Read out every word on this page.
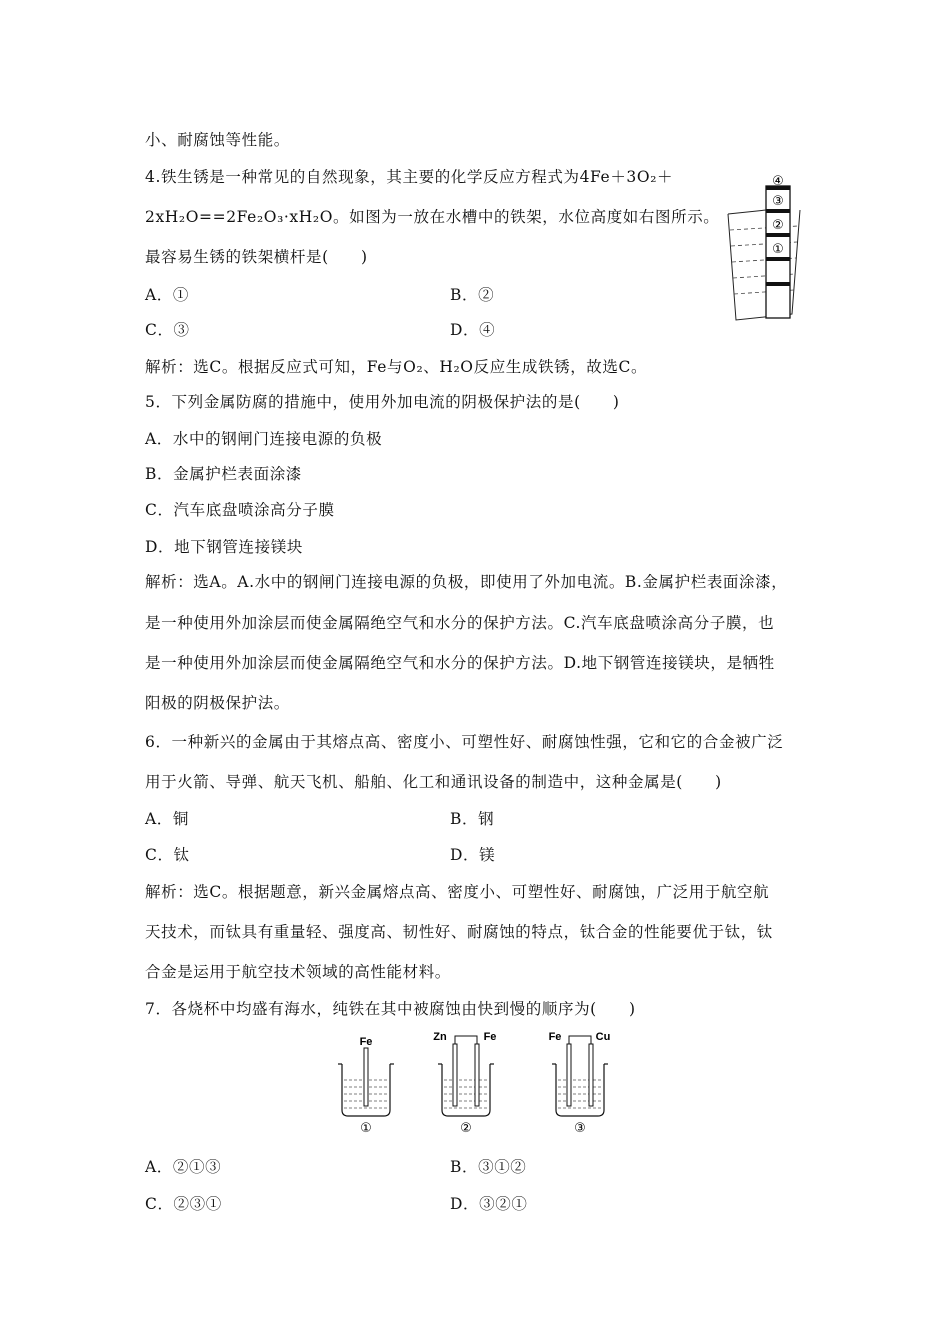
小、耐腐蚀等性能。
4.铁生锈是一种常见的自然现象，其主要的化学反应方程式为4Fe＋3O₂＋
2xH₂O==2Fe₂O₃·xH₂O。如图为一放在水槽中的铁架，水位高度如右图所示。
最容易生锈的铁架横杆是(　　)
A．①	B．②
C．③	D．④
④
③
②
①
解析：选C。根据反应式可知，Fe与O₂、H₂O反应生成铁锈，故选C。
5．下列金属防腐的措施中，使用外加电流的阴极保护法的是(　　)
A．水中的钢闸门连接电源的负极
B．金属护栏表面涂漆
C．汽车底盘喷涂高分子膜
D．地下钢管连接镁块
解析：选A。A.水中的钢闸门连接电源的负极，即使用了外加电流。B.金属护栏表面涂漆，
是一种使用外加涂层而使金属隔绝空气和水分的保护方法。C.汽车底盘喷涂高分子膜，也
是一种使用外加涂层而使金属隔绝空气和水分的保护方法。D.地下钢管连接镁块，是牺牲
阳极的阴极保护法。
6．一种新兴的金属由于其熔点高、密度小、可塑性好、耐腐蚀性强，它和它的合金被广泛
用于火箭、导弹、航天飞机、船舶、化工和通讯设备的制造中，这种金属是(　　)
A．铜	B．钢
C．钛	D．镁
解析：选C。根据题意，新兴金属熔点高、密度小、可塑性好、耐腐蚀，广泛用于航空航
天技术，而钛具有重量轻、强度高、韧性好、耐腐蚀的特点，钛合金的性能要优于钛，钛
合金是运用于航空技术领域的高性能材料。
7．各烧杯中均盛有海水，纯铁在其中被腐蚀由快到慢的顺序为(　　)
Fe
①
Zn	Fe
②
Fe	Cu
③
A．②①③	B．③①②
C．②③①	D．③②①
